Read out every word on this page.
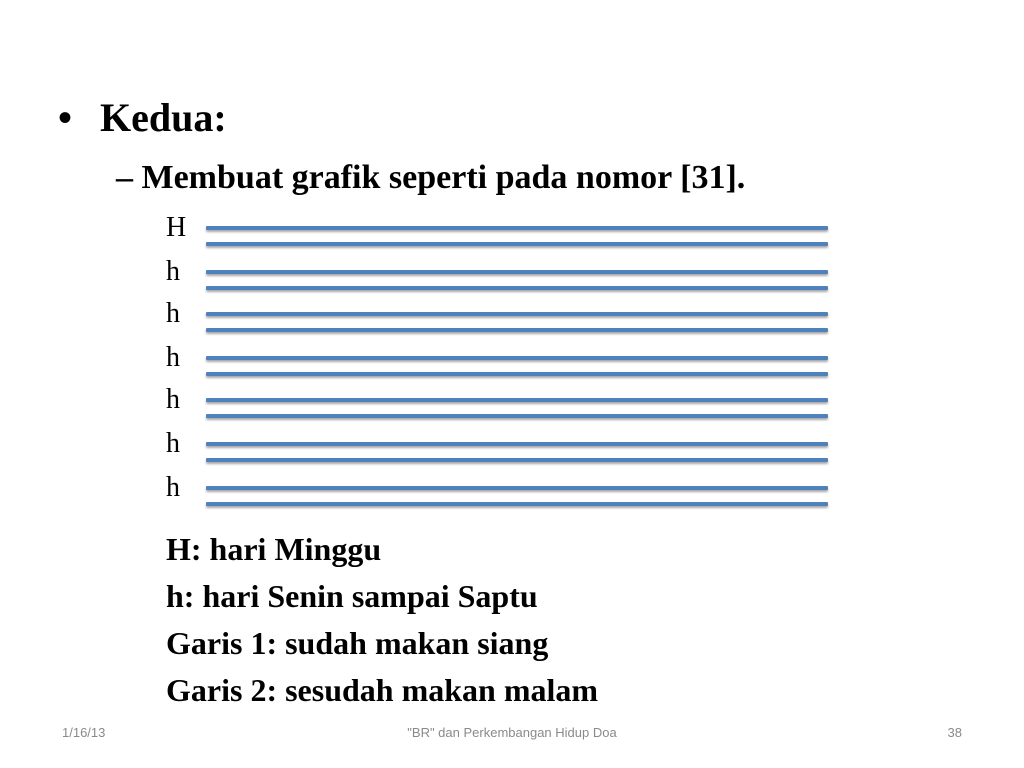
• Kedua:
– Membuat grafik seperti pada nomor [31].
H
h
h
h
h
h
h
H: hari Minggu
h: hari Senin sampai Saptu
Garis 1: sudah makan siang
Garis 2: sesudah makan malam
1/16/13	"BR" dan Perkembangan Hidup Doa	38
